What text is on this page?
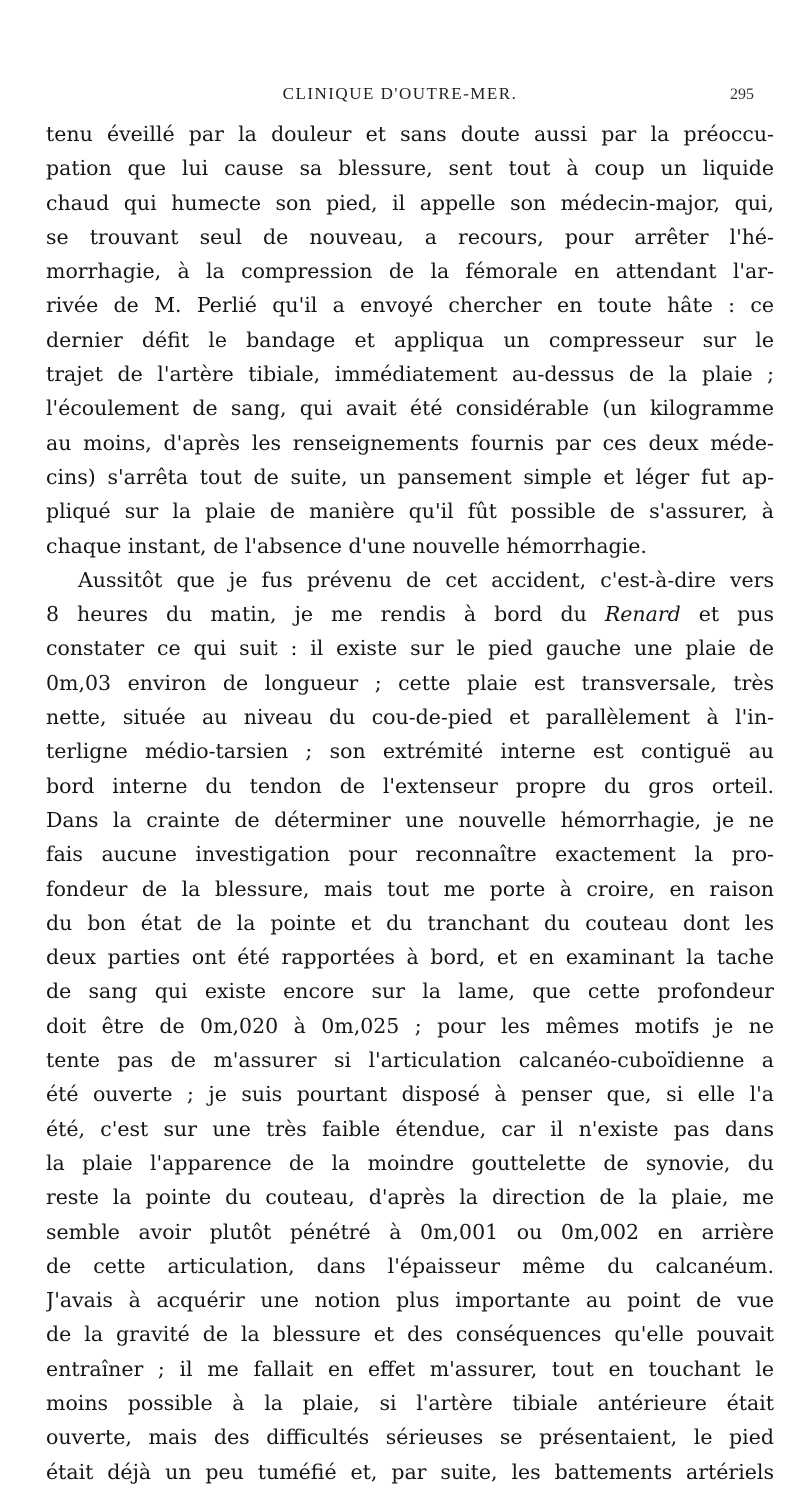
CLINIQUE D'OUTRE-MER.	295
tenu éveillé par la douleur et sans doute aussi par la préoccu-
pation que lui cause sa blessure, sent tout à coup un liquide
chaud qui humecte son pied, il appelle son médecin-major, qui,
se trouvant seul de nouveau, a recours, pour arrêter l'hé-
morrhagie, à la compression de la fémorale en attendant l'ar-
rivée de M. Perlié qu'il a envoyé chercher en toute hâte : ce
dernier défit le bandage et appliqua un compresseur sur le
trajet de l'artère tibiale, immédiatement au-dessus de la plaie ;
l'écoulement de sang, qui avait été considérable (un kilogramme
au moins, d'après les renseignements fournis par ces deux méde-
cins) s'arrêta tout de suite, un pansement simple et léger fut ap-
pliqué sur la plaie de manière qu'il fût possible de s'assurer, à
chaque instant, de l'absence d'une nouvelle hémorrhagie.
Aussitôt que je fus prévenu de cet accident, c'est-à-dire vers
8 heures du matin, je me rendis à bord du Renard et pus
constater ce qui suit : il existe sur le pied gauche une plaie de
0m,03 environ de longueur ; cette plaie est transversale, très
nette, située au niveau du cou-de-pied et parallèlement à l'in-
terligne médio-tarsien ; son extrémité interne est contiguë au
bord interne du tendon de l'extenseur propre du gros orteil.
Dans la crainte de déterminer une nouvelle hémorrhagie, je ne
fais aucune investigation pour reconnaître exactement la pro-
fondeur de la blessure, mais tout me porte à croire, en raison
du bon état de la pointe et du tranchant du couteau dont les
deux parties ont été rapportées à bord, et en examinant la tache
de sang qui existe encore sur la lame, que cette profondeur
doit être de 0m,020 à 0m,025 ; pour les mêmes motifs je ne
tente pas de m'assurer si l'articulation calcanéo-cuboïdienne a
été ouverte ; je suis pourtant disposé à penser que, si elle l'a
été, c'est sur une très faible étendue, car il n'existe pas dans
la plaie l'apparence de la moindre gouttelette de synovie, du
reste la pointe du couteau, d'après la direction de la plaie, me
semble avoir plutôt pénétré à 0m,001 ou 0m,002 en arrière
de cette articulation, dans l'épaisseur même du calcanéum.
J'avais à acquérir une notion plus importante au point de vue
de la gravité de la blessure et des conséquences qu'elle pouvait
entraîner ; il me fallait en effet m'assurer, tout en touchant le
moins possible à la plaie, si l'artère tibiale antérieure était
ouverte, mais des difficultés sérieuses se présentaient, le pied
était déjà un peu tuméfié et, par suite, les battements artériels
